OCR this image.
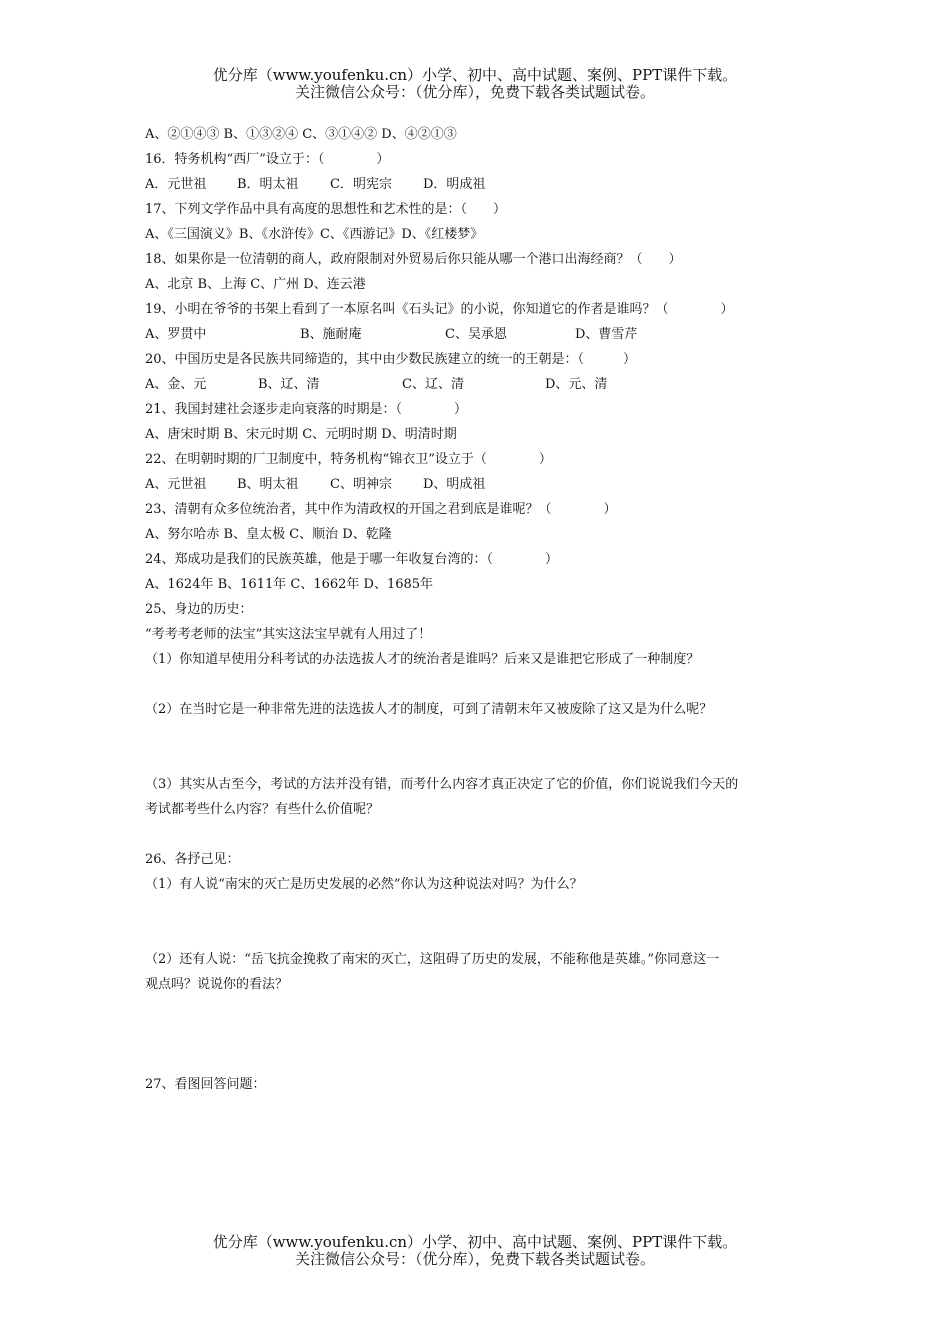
优分库（www.youfenku.cn）小学、初中、高中试题、案例、PPT课件下载。
关注微信公众号：（优分库），免费下载各类试题试卷。
A、②①④③ B、①③②④ C、③①④② D、④②①③
16．特务机构“西厂”设立于：（　　　　）
A．元世祖 B．明太祖 C．明宪宗 D．明成祖
17、下列文学作品中具有高度的思想性和艺术性的是：（　　）
A、《三国演义》B、《水浒传》C、《西游记》D、《红楼梦》
18、如果你是一位清朝的商人，政府限制对外贸易后你只能从哪一个港口出海经商？（　　）
A、北京 B、上海 C、广州 D、连云港
19、小明在爷爷的书架上看到了一本原名叫《石头记》的小说，你知道它的作者是谁吗？（　　　　）
A、罗贯中	B、施耐庵	C、吴承恩	D、曹雪芹
20、中国历史是各民族共同缔造的，其中由少数民族建立的统一的王朝是：（　　　）
A、金、元	B、辽、清	C、辽、清	D、元、清
21、我国封建社会逐步走向衰落的时期是：（　　　　）
A、唐宋时期 B、宋元时期 C、元明时期 D、明清时期
22、在明朝时期的厂卫制度中，特务机构“锦衣卫”设立于（　　　　）
A、元世祖 B、明太祖 C、明神宗 D、明成祖
23、清朝有众多位统治者，其中作为清政权的开国之君到底是谁呢？（　　　　）
A、努尔哈赤 B、皇太极 C、顺治 D、乾隆
24、郑成功是我们的民族英雄，他是于哪一年收复台湾的：（　　　　）
A、1624年 B、1611年 C、1662年 D、1685年
25、身边的历史：
“考考考老师的法宝”其实这法宝早就有人用过了！
（1）你知道早使用分科考试的办法选拔人才的统治者是谁吗？后来又是谁把它形成了一种制度？
（2）在当时它是一种非常先进的法选拔人才的制度，可到了清朝末年又被废除了这又是为什么呢？
（3）其实从古至今，考试的方法并没有错，而考什么内容才真正决定了它的价值，你们说说我们今天的
考试都考些什么内容？有些什么价值呢？
26、各抒己见：
（1）有人说“南宋的灭亡是历史发展的必然”你认为这种说法对吗？为什么？
（2）还有人说：“岳飞抗金挽救了南宋的灭亡，这阻碍了历史的发展，不能称他是英雄。”你同意这一
观点吗？说说你的看法？
27、看图回答问题：
优分库（www.youfenku.cn）小学、初中、高中试题、案例、PPT课件下载。
关注微信公众号：（优分库），免费下载各类试题试卷。
